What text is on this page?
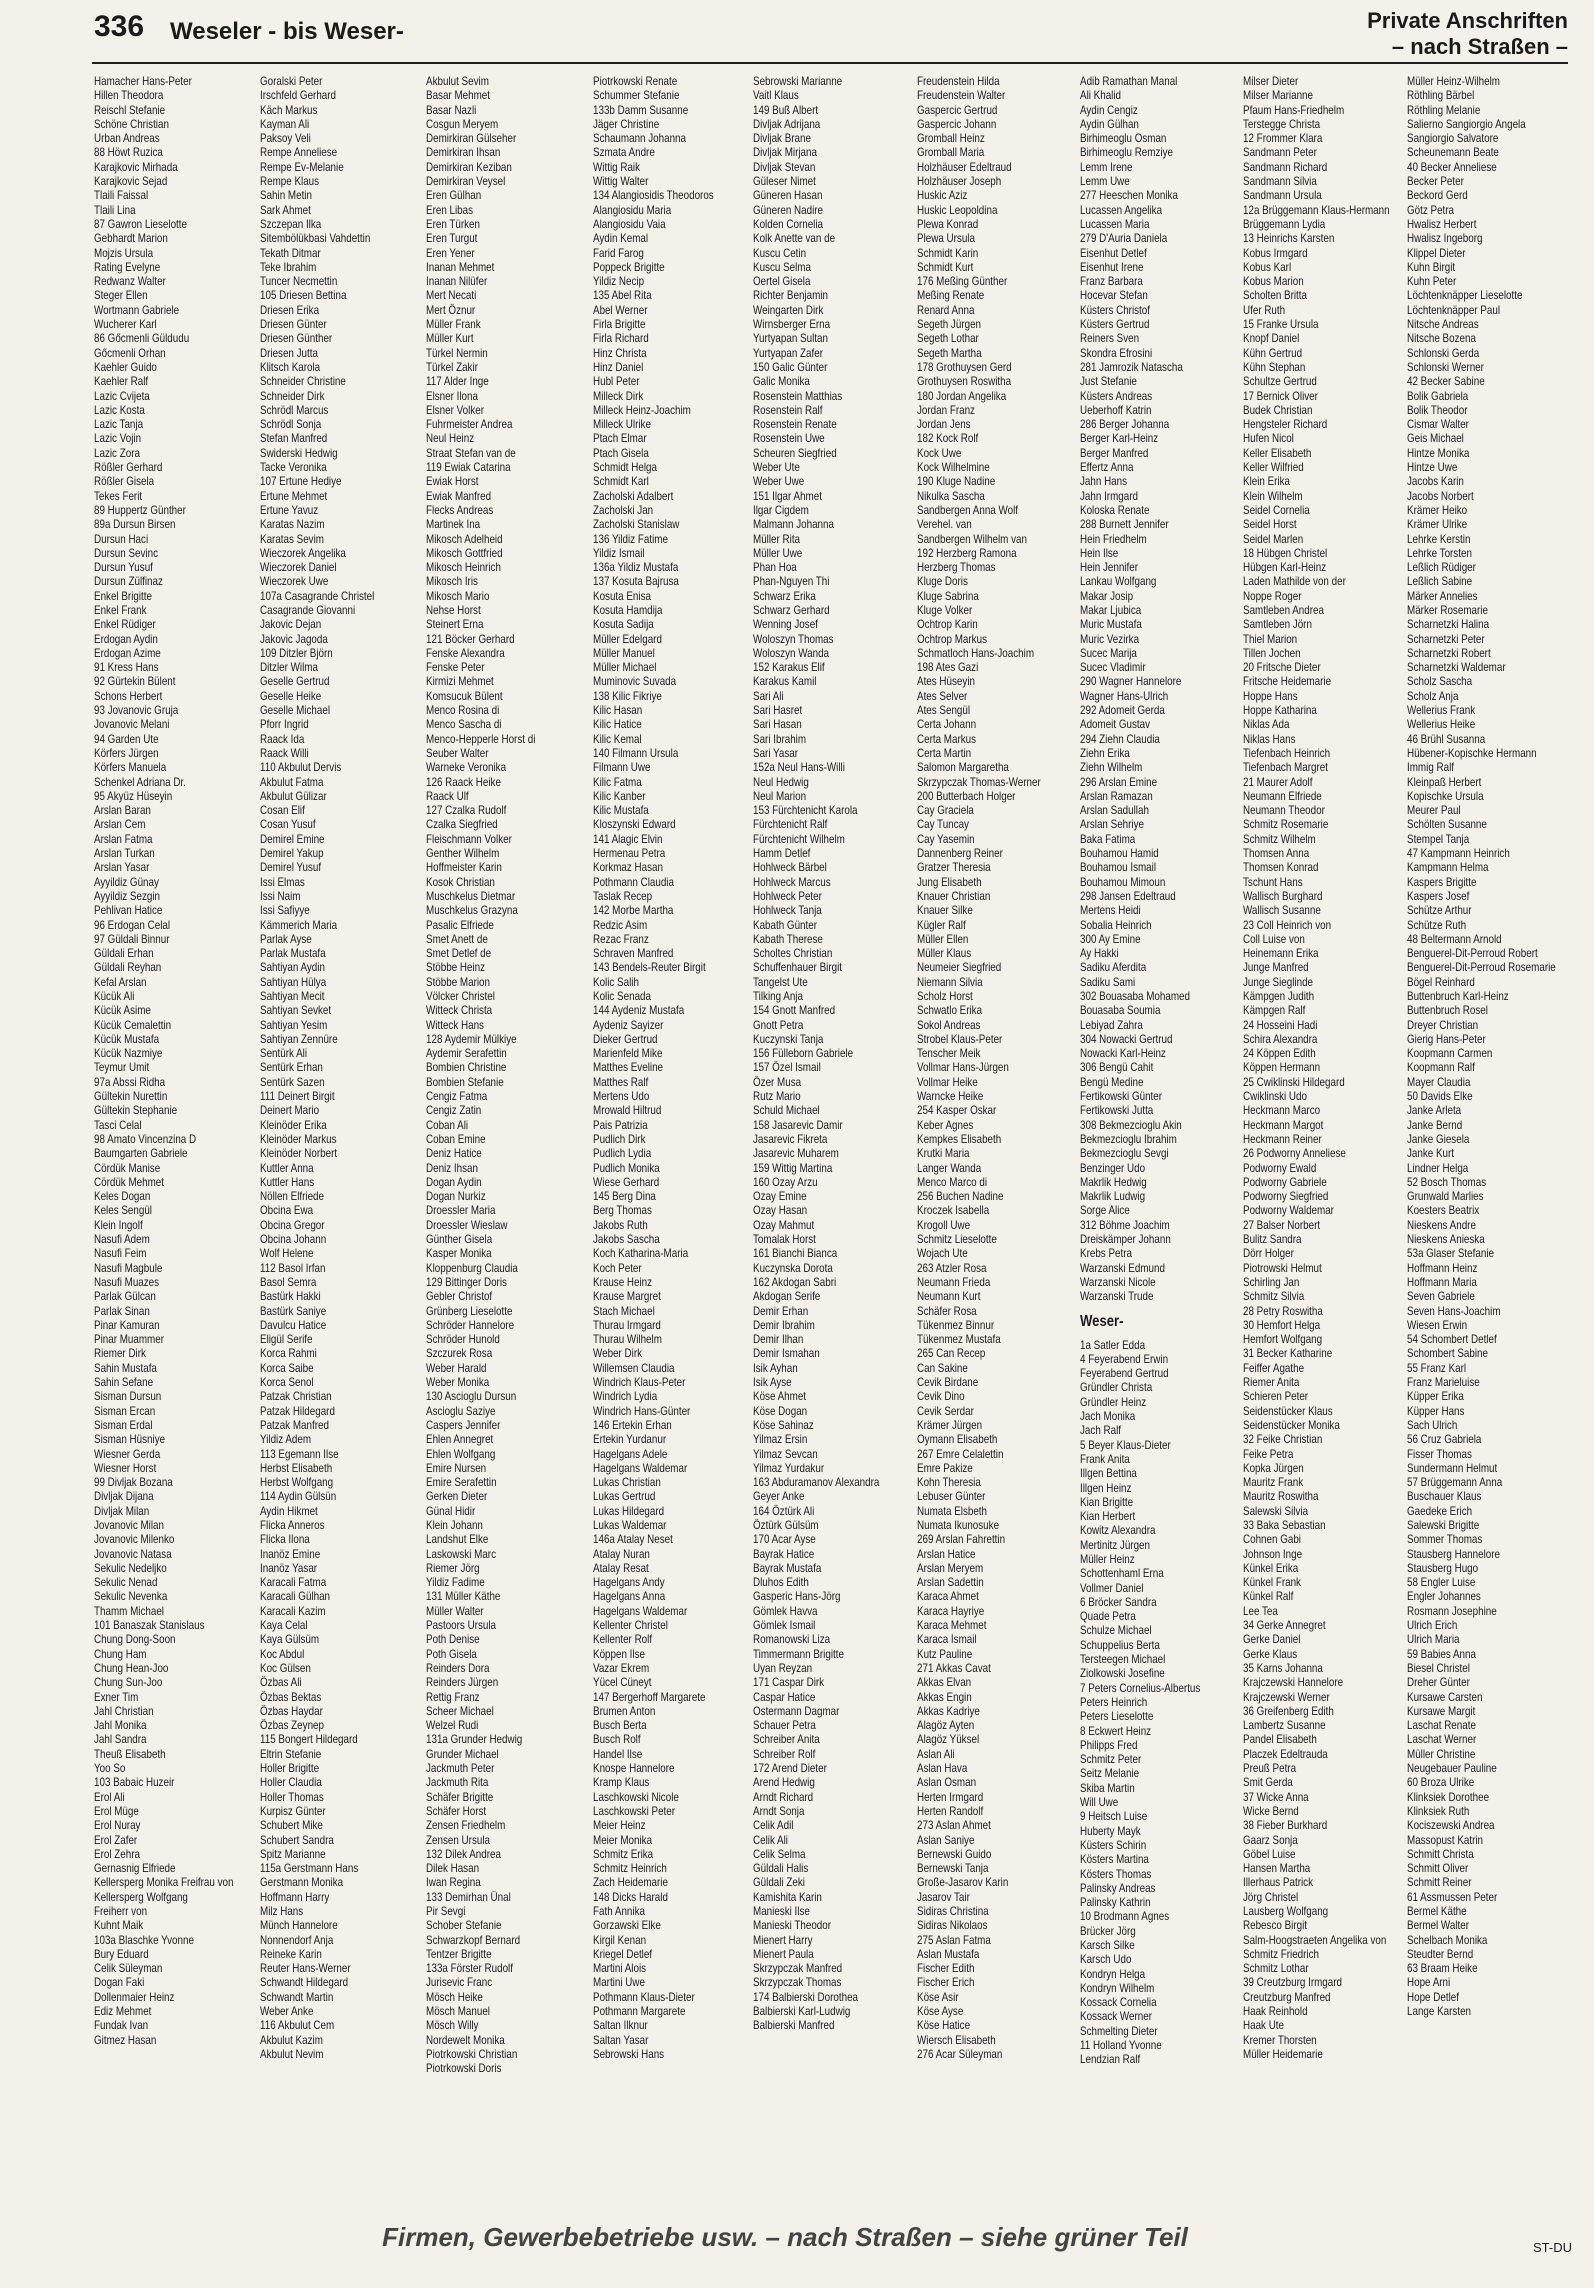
336 Weseler - bis Weser-	Private Anschriften
– nach Straßen –
Hamacher Hans-Peter
Hillen Theodora
Reischl Stefanie
Schöne Christian
Urban Andreas
88 Höwt Ruzica
Karajkovic Mirhada
Karajkovic Sejad
Tlaili Faissal
Tlaili Lina
87 Gawron Lieselotte
Gebhardt Marion
Mojzis Ursula
Rating Evelyne
Redwanz Walter
Steger Ellen
Wortmann Gabriele
Wucherer Karl
86 Gőcmenli Güldudu
Gőcmenli Orhan
Kaehler Guido
Kaehler Ralf
Lazic Cvijeta
Lazic Kosta
Lazic Tanja
Lazic Vojin
Lazic Zora
Rößler Gerhard
Rößler Gisela
Tekes Ferit
89 Huppertz Günther
89a Dursun Birsen
Dursun Haci
Dursun Sevinc
Dursun Yusuf
Dursun Zülfinaz
Enkel Brigitte
Enkel Frank
Enkel Rüdiger
Erdogan Aydin
Erdogan Azime
91 Kress Hans
92 Gürtekin Bülent
Schons Herbert
93 Jovanovic Gruja
Jovanovic Melani
94 Garden Ute
Körfers Jürgen
Körfers Manuela
Schenkel Adriana Dr.
95 Akyüz Hüseyin
Arslan Baran
Arslan Cem
Arslan Fatma
Arslan Turkan
Arslan Yasar
Ayyildiz Günay
Ayyildiz Sezgin
Pehlivan Hatice
96 Erdogan Celal
97 Güldali Binnur
Güldali Erhan
Güldali Reyhan
Kefal Arslan
Kücük Ali
Kücük Asime
Kücük Cemalettin
Kücük Mustafa
Kücük Nazmiye
Teymur Umit
97a Abssi Ridha
Gültekin Nurettin
Gültekin Stephanie
Tasci Celal
98 Amato Vincenzina D
Baumgarten Gabriele
Cördük Manise
Cördük Mehmet
Keles Dogan
Keles Sengül
Klein Ingolf
Nasufi Adem
Nasufi Feim
Nasufi Magbule
Nasufi Muazes
Parlak Gülcan
Parlak Sinan
Pinar Kamuran
Pinar Muammer
Riemer Dirk
Sahin Mustafa
Sahin Sefane
Sisman Dursun
Sisman Ercan
Sisman Erdal
Sisman Hüsniye
Wiesner Gerda
Wiesner Horst
99 Divljak Bozana
Divljak Dijana
Divljak Milan
Jovanovic Milan
Jovanovic Milenko
Jovanovic Natasa
Sekulic Nedeljko
Sekulic Nenad
Sekulic Nevenka
Thamm Michael
101 Banaszak Stanislaus
Chung Dong-Soon
Chung Ham
Chung Hean-Joo
Chung Sun-Joo
Exner Tim
Jahl Christian
Jahl Monika
Jahl Sandra
Theuß Elisabeth
Yoo So
103 Babaic Huzeir
Erol Ali
Erol Müge
Erol Nuray
Erol Zafer
Erol Zehra
Gernasnig Elfriede
Kellersperg Monika Freifrau von
Kellersperg Wolfgang
Freiherr von
Kuhnt Maik
103a Blaschke Yvonne
Bury Eduard
Celik Süleyman
Dogan Faki
Dollenmaier Heinz
Ediz Mehmet
Fundak Ivan
Gitmez Hasan
Goralski Peter
Irschfeld Gerhard
Käch Markus
Kayman Ali
Paksoy Veli
Rempe Anneliese
Rempe Ev-Melanie
Rempe Klaus
Sahin Metin
Sark Ahmet
Szczepan Ilka
Sitembölükbasi Vahdettin
Tekath Ditmar
Teke Ibrahim
Tuncer Necmettin
105 Driesen Bettina
Driesen Erika
Driesen Günter
Driesen Günther
Driesen Jutta
Klitsch Karola
Schneider Christine
Schneider Dirk
Schrödl Marcus
Schrödl Sonja
Stefan Manfred
Swiderski Hedwig
Tacke Veronika
107 Ertune Hediye
Ertune Mehmet
Ertune Yavuz
Karatas Nazim
Karatas Sevim
Wieczorek Angelika
Wieczorek Daniel
Wieczorek Uwe
107a Casagrande Christel
Casagrande Giovanni
Jakovic Dejan
Jakovic Jagoda
109 Ditzler Björn
Ditzler Wilma
Geselle Gertrud
Geselle Heike
Geselle Michael
Pforr Ingrid
Raack Ida
Raack Willi
110 Akbulut Dervis
Akbulut Fatma
Akbulut Gülizar
Cosan Elif
Cosan Yusuf
Demirel Emine
Demirel Yakup
Demirel Yusuf
Issi Elmas
Issi Naim
Issi Safiyye
Kämmerich Maria
Parlak Ayse
Parlak Mustafa
Sahtiyan Aydin
Sahtiyan Hülya
Sahtiyan Mecit
Sahtiyan Sevket
Sahtiyan Yesim
Sahtiyan Zennüre
Sentürk Ali
Sentürk Erhan
Sentürk Sazen
111 Deinert Birgit
Deinert Mario
Kleinöder Erika
Kleinöder Markus
Kleinöder Norbert
Kuttler Anna
Kuttler Hans
Nöllen Elfriede
Obcina Ewa
Obcina Gregor
Obcina Johann
Wolf Helene
112 Basol Irfan
Basol Semra
Bastürk Hakki
Bastürk Saniye
Davulcu Hatice
Eligül Serife
Korca Rahmi
Korca Saibe
Korca Senol
Patzak Christian
Patzak Hildegard
Patzak Manfred
Yildiz Adem
113 Egemann Ilse
Herbst Elisabeth
Herbst Wolfgang
114 Aydin Gülsün
Aydin Hikmet
Flicka Anneros
Flicka Ilona
Inanöz Emine
Inanöz Yasar
Karacali Fatma
Karacali Gülhan
Karacali Kazim
Kaya Celal
Kaya Gülsüm
Koc Abdul
Koc Gülsen
Özbas Ali
Özbas Bektas
Özbas Haydar
Özbas Zeynep
115 Bongert Hildegard
Eltrin Stefanie
Holler Brigitte
Holler Claudia
Holler Thomas
Kurpisz Günter
Schubert Mike
Schubert Sandra
Spitz Marianne
115a Gerstmann Hans
Gerstmann Monika
Hoffmann Harry
Milz Hans
Münch Hannelore
Nonnendorf Anja
Reineke Karin
Reuter Hans-Werner
Schwandt Hildegard
Schwandt Martin
Weber Anke
116 Akbulut Cem
Akbulut Kazim
Akbulut Nevim
Akbulut Sevim
Basar Mehmet
Basar Nazli
Cosgun Meryem
Demirkiran Gülseher
Demirkiran Ihsan
Demirkiran Keziban
Demirkiran Veysel
Eren Gülhan
Eren Libas
Eren Türken
Eren Turgut
Eren Yener
Inanan Mehmet
Inanan Nilüfer
Mert Necati
Mert Öznur
Müller Frank
Müller Kurt
Türkel Nermin
Türkel Zakir
117 Alder Inge
Elsner Ilona
Elsner Volker
Fuhrmeister Andrea
Neul Heinz
Straat Stefan van de
119 Ewiak Catarina
Ewiak Horst
Ewiak Manfred
Flecks Andreas
Martinek Ina
Mikosch Adelheid
Mikosch Gottfried
Mikosch Heinrich
Mikosch Iris
Mikosch Mario
Nehse Horst
Steinert Erna
121 Böcker Gerhard
Fenske Alexandra
Fenske Peter
Kirmizi Mehmet
Komsucuk Bülent
Menco Rosina di
Menco Sascha di
Menco-Hepperle Horst di
Seuber Walter
Warneke Veronika
126 Raack Heike
Raack Ulf
127 Czalka Rudolf
Czalka Siegfried
Fleischmann Volker
Genther Wilhelm
Hoffmeister Karin
Kosok Christian
Muschkelus Dietmar
Muschkelus Grazyna
Pasalic Elfriede
Smet Anett de
Smet Detlef de
Stöbbe Heinz
Stöbbe Marion
Völcker Christel
Witteck Christa
Witteck Hans
128 Aydemir Mülkiye
Aydemir Serafettin
Bombien Christine
Bombien Stefanie
Cengiz Fatma
Cengiz Zatin
Coban Ali
Coban Emine
Deniz Hatice
Deniz Ihsan
Dogan Aydin
Dogan Nurkiz
Droessler Maria
Droessler Wieslaw
Günther Gisela
Kasper Monika
Kloppenburg Claudia
129 Bittinger Doris
Gebler Christof
Grünberg Lieselotte
Schröder Hannelore
Schröder Hunold
Szczurek Rosa
Weber Harald
Weber Monika
130 Ascioglu Dursun
Ascioglu Saziye
Caspers Jennifer
Ehlen Annegret
Ehlen Wolfgang
Emire Nursen
Emire Serafettin
Gerken Dieter
Günal Hidir
Klein Johann
Landshut Elke
Laskowski Marc
Riemer Jörg
Yildiz Fadime
131 Müller Käthe
Müller Walter
Pastoors Ursula
Poth Denise
Poth Gisela
Reinders Dora
Reinders Jürgen
Rettig Franz
Scheer Michael
Welzel Rudi
131a Grunder Hedwig
Grunder Michael
Jackmuth Peter
Jackmuth Rita
Schäfer Brigitte
Schäfer Horst
Zensen Friedhelm
Zensen Ursula
132 Dilek Andrea
Dilek Hasan
Iwan Regina
133 Demirhan Ünal
Pir Sevgi
Schober Stefanie
Schwarzkopf Bernard
Tentzer Brigitte
133a Förster Rudolf
Jurisevic Franc
Mösch Heike
Mösch Manuel
Mösch Willy
Nordewelt Monika
Piotrkowski Christian
Piotrkowski Doris
Piotrkowski Renate
Schummer Stefanie
133b Damm Susanne
Jäger Christine
Schaumann Johanna
Szmata Andre
Wittig Raik
Wittig Walter
134 Alangiosidis Theodoros
Alangiosidu Maria
Alangiosidu Vaia
Aydin Kemal
Farid Farog
Poppeck Brigitte
Yildiz Necip
135 Abel Rita
Abel Werner
Firla Brigitte
Firla Richard
Hinz Christa
Hinz Daniel
Hubl Peter
Milleck Dirk
Milleck Heinz-Joachim
Milleck Ulrike
Ptach Elmar
Ptach Gisela
Schmidt Helga
Schmidt Karl
Zacholski Adalbert
Zacholski Jan
Zacholski Stanislaw
136 Yildiz Fatime
Yildiz Ismail
136a Yildiz Mustafa
137 Kosuta Bajrusa
Kosuta Enisa
Kosuta Hamdija
Kosuta Sadija
Müller Edelgard
Müller Manuel
Müller Michael
Muminovic Suvada
138 Kilic Fikriye
Kilic Hasan
Kilic Hatice
Kilic Kemal
140 Filmann Ursula
Filmann Uwe
Kilic Fatma
Kilic Kanber
Kilic Mustafa
Kloszynski Edward
141 Alagic Elvin
Hermenau Petra
Korkmaz Hasan
Pothmann Claudia
Taslak Recep
142 Morbe Martha
Redzic Asim
Rezac Franz
Schraven Manfred
143 Bendels-Reuter Birgit
Kolic Salih
Kolic Senada
144 Aydeniz Mustafa
Aydeniz Sayizer
Dieker Gertrud
Marienfeld Mike
Matthes Eveline
Matthes Ralf
Mertens Udo
Mrowald Hiltrud
Pais Patrizia
Pudlich Dirk
Pudlich Lydia
Pudlich Monika
Wiese Gerhard
145 Berg Dina
Berg Thomas
Jakobs Ruth
Jakobs Sascha
Koch Katharina-Maria
Koch Peter
Krause Heinz
Krause Margret
Stach Michael
Thurau Irmgard
Thurau Wilhelm
Weber Dirk
Willemsen Claudia
Windrich Klaus-Peter
Windrich Lydia
Windrich Hans-Günter
146 Ertekin Erhan
Ertekin Yurdanur
Hagelgans Adele
Hagelgans Waldemar
Lukas Christian
Lukas Gertrud
Lukas Hildegard
Lukas Waldemar
146a Atalay Neset
Atalay Nuran
Atalay Resat
Hagelgans Andy
Hagelgans Anna
Hagelgans Waldemar
Kellenter Christel
Kellenter Rolf
Köppen Ilse
Vazar Ekrem
Yücel Cüneyt
147 Bergerhoff Margarete
Brumen Anton
Busch Berta
Busch Rolf
Handel Ilse
Knospe Hannelore
Kramp Klaus
Laschkowski Nicole
Laschkowski Peter
Meier Heinz
Meier Monika
Schmitz Erika
Schmitz Heinrich
Zach Heidemarie
148 Dicks Harald
Fath Annika
Gorzawski Elke
Kirgil Kenan
Kriegel Detlef
Martini Alois
Martini Uwe
Pothmann Klaus-Dieter
Pothmann Margarete
Saltan Ilknur
Saltan Yasar
Sebrowski Hans
Sebrowski Marianne
Vaitl Klaus
149 Buß Albert
Divljak Adrijana
Divljak Brane
Divljak Mirjana
Divljak Stevan
Güleser Nimet
Güneren Hasan
Güneren Nadire
Kolden Cornelia
Kolk Anette van de
Kuscu Cetin
Kuscu Selma
Oertel Gisela
Richter Benjamin
Weingarten Dirk
Wirnsberger Erna
Yurtyapan Sultan
Yurtyapan Zafer
150 Galic Günter
Galic Monika
Rosenstein Matthias
Rosenstein Ralf
Rosenstein Renate
Rosenstein Uwe
Scheuren Siegfried
Weber Ute
Weber Uwe
151 Ilgar Ahmet
Ilgar Cigdem
Malmann Johanna
Müller Rita
Müller Uwe
Phan Hoa
Phan-Nguyen Thi
Schwarz Erika
Schwarz Gerhard
Wenning Josef
Woloszyn Thomas
Woloszyn Wanda
152 Karakus Elif
Karakus Kamil
Sari Ali
Sari Hasret
Sari Hasan
Sari Ibrahim
Sari Yasar
152a Neul Hans-Willi
Neul Hedwig
Neul Marion
153 Fürchtenicht Karola
Fürchtenicht Ralf
Fürchtenicht Wilhelm
Hamm Detlef
Hohlweck Bärbel
Hohlweck Marcus
Hohlweck Peter
Hohlweck Tanja
Kabath Günter
Kabath Therese
Scholtes Christian
Schuffenhauer Birgit
Tangelst Ute
Tilking Anja
154 Gnott Manfred
Gnott Petra
Kuczynski Tanja
156 Fülleborn Gabriele
157 Özel Ismail
Özer Musa
Rutz Mario
Schuld Michael
158 Jasarevic Damir
Jasarevic Fikreta
Jasarevic Muharem
159 Wittig Martina
160 Ozay Arzu
Ozay Emine
Ozay Hasan
Ozay Mahmut
Tomalak Horst
161 Bianchi Bianca
Kuczynska Dorota
162 Akdogan Sabri
Akdogan Serife
Demir Erhan
Demir Ibrahim
Demir Ilhan
Demir Ismahan
Isik Ayhan
Isik Ayse
Köse Ahmet
Köse Dogan
Köse Sahinaz
Yilmaz Ersin
Yilmaz Sevcan
Yilmaz Yurdakur
163 Abduramanov Alexandra
Geyer Anke
164 Öztürk Ali
Öztürk Gülsüm
170 Acar Ayse
Bayrak Hatice
Bayrak Mustafa
Dluhos Edith
Gasperic Hans-Jörg
Gömlek Havva
Gömlek Ismail
Romanowski Liza
Timmermann Brigitte
Uyan Reyzan
171 Caspar Dirk
Caspar Hatice
Ostermann Dagmar
Schauer Petra
Schreiber Anita
Schreiber Rolf
172 Arend Dieter
Arend Hedwig
Arndt Richard
Arndt Sonja
Celik Adil
Celik Ali
Celik Selma
Güldali Halis
Güldali Zeki
Kamishita Karin
Manieski Ilse
Manieski Theodor
Mienert Harry
Mienert Paula
Skrzypczak Manfred
Skrzypczak Thomas
174 Balbierski Dorothea
Balbierski Karl-Ludwig
Balbierski Manfred
Freudenstein Hilda
Freudenstein Walter
Gaspercic Gertrud
Gaspercic Johann
Gromball Heinz
Gromball Maria
Holzhäuser Edeltraud
Holzhäuser Joseph
Huskic Aziz
Huskic Leopoldina
Plewa Konrad
Plewa Ursula
Schmidt Karin
Schmidt Kurt
176 Meßing Günther
Meßing Renate
Renard Anna
Segeth Jürgen
Segeth Lothar
Segeth Martha
178 Grothuysen Gerd
Grothuysen Roswitha
180 Jordan Angelika
Jordan Franz
Jordan Jens
182 Kock Rolf
Kock Uwe
Kock Wilhelmine
190 Kluge Nadine
Nikulka Sascha
Sandbergen Anna Wolf
Verehel. van
Sandbergen Wilhelm van
192 Herzberg Ramona
Herzberg Thomas
Kluge Doris
Kluge Sabrina
Kluge Volker
Ochtrop Karin
Ochtrop Markus
Schmatloch Hans-Joachim
198 Ates Gazi
Ates Hüseyin
Ates Selver
Ates Sengül
Certa Johann
Certa Markus
Certa Martin
Salomon Margaretha
Skrzypczak Thomas-Werner
200 Butterbach Holger
Cay Graciela
Cay Tuncay
Cay Yasemin
Dannenberg Reiner
Gratzer Theresia
Jung Elisabeth
Knauer Christian
Knauer Silke
Kügler Ralf
Müller Ellen
Müller Klaus
Neumeier Siegfried
Niemann Silvia
Scholz Horst
Schwatlo Erika
Sokol Andreas
Strobel Klaus-Peter
Tenscher Meik
Vollmar Hans-Jürgen
Vollmar Heike
Warncke Heike
254 Kasper Oskar
Keber Agnes
Kempkes Elisabeth
Krutki Maria
Langer Wanda
Menco Marco di
256 Buchen Nadine
Kroczek Isabella
Krogoll Uwe
Schmitz Lieselotte
Wojach Ute
263 Atzler Rosa
Neumann Frieda
Neumann Kurt
Schäfer Rosa
Tükenmez Binnur
Tükenmez Mustafa
265 Can Recep
Can Sakine
Cevik Birdane
Cevik Dino
Cevik Serdar
Krämer Jürgen
Oymann Elisabeth
267 Emre Celalettin
Emre Pakize
Kohn Theresia
Lebuser Günter
Numata Elsbeth
Numata Ikunosuke
269 Arslan Fahrettin
Arslan Hatice
Arslan Meryem
Arslan Sadettin
Karaca Ahmet
Karaca Hayriye
Karaca Mehmet
Karaca Ismail
Kutz Pauline
271 Akkas Cavat
Akkas Elvan
Akkas Engin
Akkas Kadriye
Alagöz Ayten
Alagöz Yüksel
Aslan Ali
Aslan Hava
Aslan Osman
Herten Irmgard
Herten Randolf
273 Aslan Ahmet
Aslan Saniye
Bernewski Guido
Bernewski Tanja
Große-Jasarov Karin
Jasarov Tair
Sidiras Christina
Sidiras Nikolaos
275 Aslan Fatma
Aslan Mustafa
Fischer Edith
Fischer Erich
Köse Asir
Köse Ayse
Köse Hatice
Wiersch Elisabeth
276 Acar Süleyman
Adib Ramathan Manal
Ali Khalid
Aydin Cengiz
Aydin Gülhan
Birhimeoglu Osman
Birhimeoglu Remziye
Lemm Irene
Lemm Uwe
277 Heeschen Monika
Lucassen Angelika
Lucassen Maria
279 D'Auria Daniela
Eisenhut Detlef
Eisenhut Irene
Franz Barbara
Hocevar Stefan
Küsters Christof
Küsters Gertrud
Reiners Sven
Skondra Efrosini
281 Jamrozik Natascha
Just Stefanie
Küsters Andreas
Ueberhoff Katrin
286 Berger Johanna
Berger Karl-Heinz
Berger Manfred
Effertz Anna
Jahn Hans
Jahn Irmgard
Koloska Renate
288 Burnett Jennifer
Hein Friedhelm
Hein Ilse
Hein Jennifer
Lankau Wolfgang
Makar Josip
Makar Ljubica
Muric Mustafa
Muric Vezirka
Sucec Marija
Sucec Vladimir
290 Wagner Hannelore
Wagner Hans-Ulrich
292 Adomeit Gerda
Adomeit Gustav
294 Ziehn Claudia
Ziehn Erika
Ziehn Wilhelm
296 Arslan Emine
Arslan Ramazan
Arslan Sadullah
Arslan Sehriye
Baka Fatima
Bouhamou Hamid
Bouhamou Ismail
Bouhamou Mimoun
298 Jansen Edeltraud
Mertens Heidi
Sobalia Heinrich
300 Ay Emine
Ay Hakki
Sadiku Aferdita
Sadiku Sami
302 Bouasaba Mohamed
Bouasaba Soumia
Lebiyad Zahra
304 Nowacki Gertrud
Nowacki Karl-Heinz
306 Bengü Cahit
Bengü Medine
Fertikowski Günter
Fertikowski Jutta
308 Bekmezcioglu Akin
Bekmezcioglu Ibrahim
Bekmezcioglu Sevgi
Benzinger Udo
Makrlik Hedwig
Makrlik Ludwig
Sorge Alice
312 Böhme Joachim
Dreiskämper Johann
Krebs Petra
Warzanski Edmund
Warzanski Nicole
Warzanski Trude
Weser-
1a Satler Edda
4 Feyerabend Erwin
Feyerabend Gertrud
Gründler Christa
Gründler Heinz
Jach Monika
Jach Ralf
5 Beyer Klaus-Dieter
Frank Anita
Illgen Bettina
Illgen Heinz
Kian Brigitte
Kian Herbert
Kowitz Alexandra
Mertinitz Jürgen
Müller Heinz
Schottenhaml Erna
Vollmer Daniel
6 Bröcker Sandra
Quade Petra
Schulze Michael
Schuppelius Berta
Tersteegen Michael
Ziolkowski Josefine
7 Peters Cornelius-Albertus
Peters Heinrich
Peters Lieselotte
8 Eckwert Heinz
Philipps Fred
Schmitz Peter
Seitz Melanie
Skiba Martin
Will Uwe
9 Heitsch Luise
Huberty Mayk
Küsters Schirin
Kösters Martina
Kösters Thomas
Palinsky Andreas
Palinsky Kathrin
10 Brodmann Agnes
Brücker Jörg
Karsch Silke
Karsch Udo
Kondryn Helga
Kondryn Wilhelm
Kossack Cornelia
Kossack Werner
Schmelting Dieter
11 Holland Yvonne
Lendzian Ralf
Milser Dieter
Milser Marianne
Pfaum Hans-Friedhelm
Terstegge Christa
12 Frommer Klara
Sandmann Peter
Sandmann Richard
Sandmann Silvia
Sandmann Ursula
12a Brüggemann Klaus-Hermann
Brüggemann Lydia
13 Heinrichs Karsten
Kobus Irmgard
Kobus Karl
Kobus Marion
Scholten Britta
Ufer Ruth
15 Franke Ursula
Knopf Daniel
Kühn Gertrud
Kühn Stephan
Schultze Gertrud
17 Bernick Oliver
Budek Christian
Hengsteler Richard
Hufen Nicol
Keller Elisabeth
Keller Wilfried
Klein Erika
Klein Wilhelm
Seidel Cornelia
Seidel Horst
Seidel Marlen
18 Hübgen Christel
Hübgen Karl-Heinz
Laden Mathilde von der
Noppe Roger
Samtleben Andrea
Samtleben Jörn
Thiel Marion
Tillen Jochen
20 Fritsche Dieter
Fritsche Heidemarie
Hoppe Hans
Hoppe Katharina
Niklas Ada
Niklas Hans
Tiefenbach Heinrich
Tiefenbach Margret
21 Maurer Adolf
Neumann Elfriede
Neumann Theodor
Schmitz Rosemarie
Schmitz Wilhelm
Thomsen Anna
Thomsen Konrad
Tschunt Hans
Wallisch Burghard
Wallisch Susanne
23 Coll Heinrich von
Coll Luise von
Heinemann Erika
Junge Manfred
Junge Sieglinde
Kämpgen Judith
Kämpgen Ralf
24 Hosseini Hadi
Schira Alexandra
24 Köppen Edith
Köppen Hermann
25 Cwiklinski Hildegard
Cwiklinski Udo
Heckmann Marco
Heckmann Margot
Heckmann Reiner
26 Podworny Anneliese
Podworny Ewald
Podworny Gabriele
Podworny Siegfried
Podworny Waldemar
27 Balser Norbert
Bulitz Sandra
Dörr Holger
Piotrowski Helmut
Schirling Jan
Schmitz Silvia
28 Petry Roswitha
30 Hemfort Helga
Hemfort Wolfgang
31 Becker Katharine
Feiffer Agathe
Riemer Anita
Schieren Peter
Seidenstücker Klaus
Seidenstücker Monika
32 Feike Christian
Feike Petra
Kopka Jürgen
Mauritz Frank
Mauritz Roswitha
Salewski Silvia
33 Baka Sebastian
Cohnen Gabi
Johnson Inge
Künkel Erika
Künkel Frank
Künkel Ralf
Lee Tea
34 Gerke Annegret
Gerke Daniel
Gerke Klaus
35 Karns Johanna
Krajczewski Hannelore
Krajczewski Werner
36 Greifenberg Edith
Lambertz Susanne
Pandel Elisabeth
Placzek Edeltrauda
Preuß Petra
Smit Gerda
37 Wicke Anna
Wicke Bernd
38 Fieber Burkhard
Gaarz Sonja
Göbel Luise
Hansen Martha
Illerhaus Patrick
Jörg Christel
Lausberg Wolfgang
Rebesco Birgit
Salm-Hoogstraeten Angelika von
Schmitz Friedrich
Schmitz Lothar
39 Creutzburg Irmgard
Creutzburg Manfred
Haak Reinhold
Haak Ute
Kremer Thorsten
Müller Heidemarie
Müller Heinz-Wilhelm
Röthling Bärbel
Röthling Melanie
Salierno Sangiorgio Angela
Sangiorgio Salvatore
Scheunemann Beate
40 Becker Anneliese
Becker Peter
Beckord Gerd
Götz Petra
Hwalisz Herbert
Hwalisz Ingeborg
Klippel Dieter
Kuhn Birgit
Kuhn Peter
Löchtenknäpper Lieselotte
Löchtenknäpper Paul
Nitsche Andreas
Nitsche Bozena
Schlonski Gerda
Schlonski Werner
42 Becker Sabine
Bolik Gabriela
Bolik Theodor
Cismar Walter
Geis Michael
Hintze Monika
Hintze Uwe
Jacobs Karin
Jacobs Norbert
Krämer Heiko
Krämer Ulrike
Lehrke Kerstin
Lehrke Torsten
Leßlich Rüdiger
Leßlich Sabine
Märker Annelies
Märker Rosemarie
Scharnetzki Halina
Scharnetzki Peter
Scharnetzki Robert
Scharnetzki Waldemar
Scholz Sascha
Scholz Anja
Wellerius Frank
Wellerius Heike
46 Brühl Susanna
Hübener-Kopischke Hermann
Immig Ralf
Kleinpaß Herbert
Kopischke Ursula
Meurer Paul
Schölten Susanne
Stempel Tanja
47 Kampmann Heinrich
Kampmann Helma
Kaspers Brigitte
Kaspers Josef
Schütze Arthur
Schütze Ruth
48 Beltermann Arnold
Benguerel-Dit-Perroud Robert
Benguerel-Dit-Perroud Rosemarie
Bögel Reinhard
Buttenbruch Karl-Heinz
Buttenbruch Rosel
Dreyer Christian
Gierig Hans-Peter
Koopmann Carmen
Koopmann Ralf
Mayer Claudia
50 Davids Elke
Janke Arleta
Janke Bernd
Janke Giesela
Janke Kurt
Lindner Helga
52 Bosch Thomas
Grunwald Marlies
Koesters Beatrix
Nieskens Andre
Nieskens Anieska
53a Glaser Stefanie
Hoffmann Heinz
Hoffmann Maria
Seven Gabriele
Seven Hans-Joachim
Wiesen Erwin
54 Schombert Detlef
Schombert Sabine
55 Franz Karl
Franz Marieluise
Küpper Erika
Küpper Hans
Sach Ulrich
56 Cruz Gabriela
Fisser Thomas
Sundermann Helmut
57 Brüggemann Anna
Buschauer Klaus
Gaedeke Erich
Salewski Brigitte
Sommer Thomas
Stausberg Hannelore
Stausberg Hugo
58 Engler Luise
Engler Johannes
Rosmann Josephine
Ulrich Erich
Ulrich Maria
59 Babies Anna
Biesel Christel
Dreher Günter
Kursawe Carsten
Kursawe Margit
Laschat Renate
Laschat Werner
Müller Christine
Neugebauer Pauline
60 Broza Ulrike
Klinksiek Dorothee
Klinksiek Ruth
Kociszewski Andrea
Massopust Katrin
Schmitt Christa
Schmitt Oliver
Schmitt Reiner
61 Assmussen Peter
Bermel Käthe
Bermel Walter
Schelbach Monika
Steudter Bernd
63 Braam Heike
Hope Arni
Hope Detlef
Lange Karsten
Firmen, Gewerbebetriebe usw. – nach Straßen – siehe grüner Teil	ST-DU
